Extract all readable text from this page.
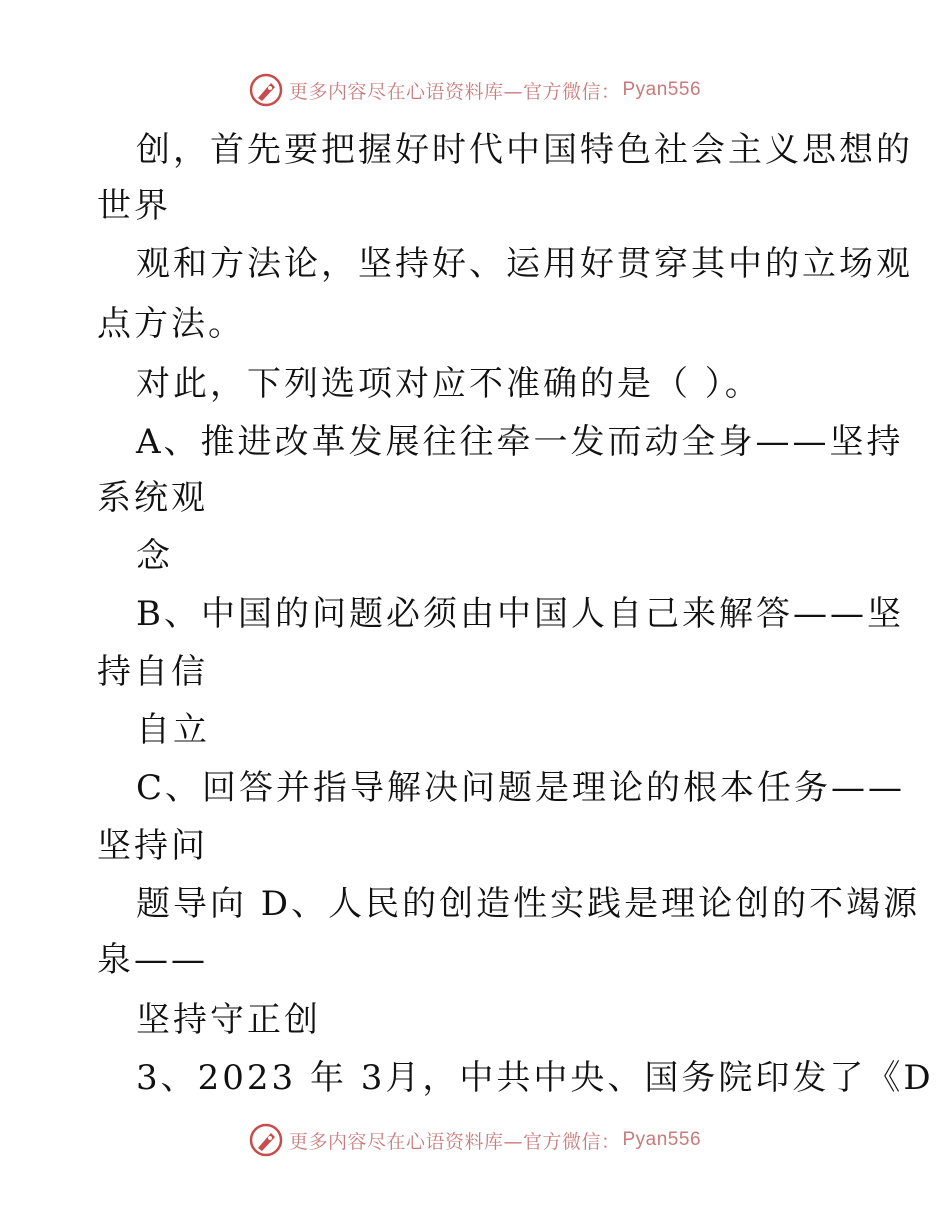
更多内容尽在心语资料库—官方微信： Pyan556
创，首先要把握好时代中国特色社会主义思想的
世界
观和方法论，坚持好、运用好贯穿其中的立场观
点方法。
对此，下列选项对应不准确的是（ ）。
A、推进改革发展往往牵一发而动全身——坚持
系统观
念
B、中国的问题必须由中国人自己来解答——坚
持自信
自立
C、回答并指导解决问题是理论的根本任务——
坚持问
题导向 D、人民的创造性实践是理论创的不竭源
泉——
坚持守正创
3、2023 年 3月，中共中央、国务院印发了《D
更多内容尽在心语资料库—官方微信： Pyan556
